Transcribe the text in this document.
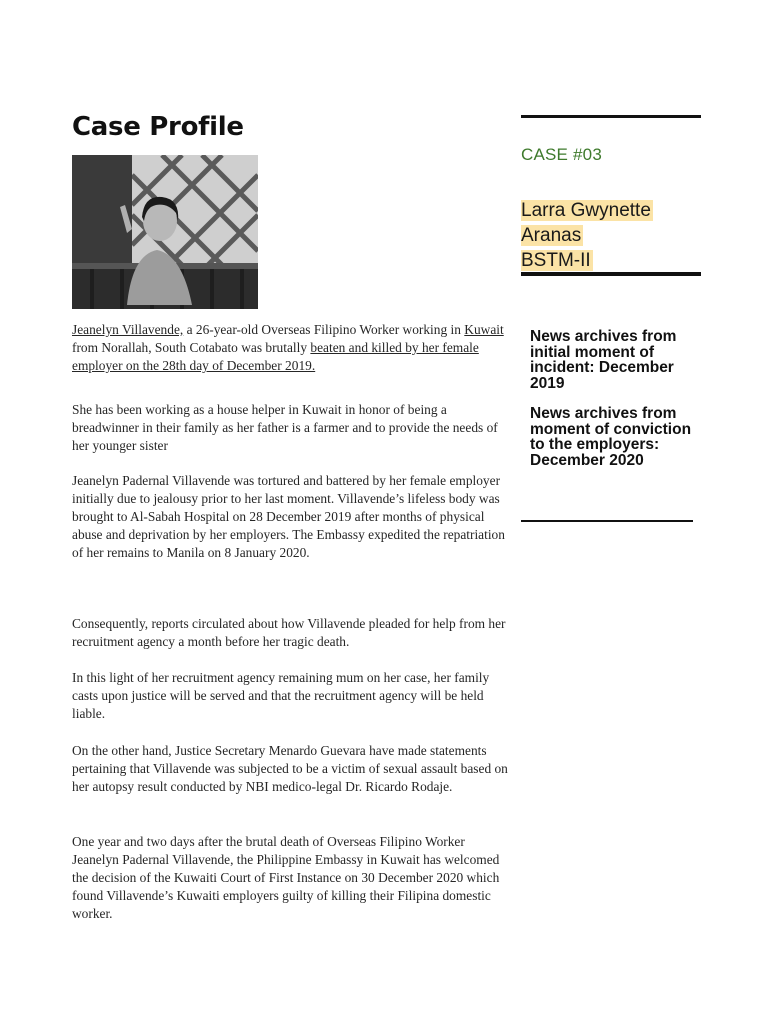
Case Profile

Jeanelyn Villavende, a 26-year-old Overseas Filipino Worker working in Kuwait from Norallah, South Cotabato was brutally beaten and killed by her female employer on the 28th day of December 2019.

She has been working as a house helper in Kuwait in honor of being a breadwinner in their family as her father is a farmer and to provide the needs of her younger sister

Jeanelyn Padernal Villavende was tortured and battered by her female employer initially due to jealousy prior to her last moment. Villavende’s lifeless body was brought to Al-Sabah Hospital on 28 December 2019 after months of physical abuse and deprivation by her employers. The Embassy expedited the repatriation of her remains to Manila on 8 January 2020.

Consequently, reports circulated about how Villavende pleaded for help from her recruitment agency a month before her tragic death.

In this light of her recruitment agency remaining mum on her case, her family casts upon justice will be served and that the recruitment agency will be held liable.

On the other hand, Justice Secretary Menardo Guevara have made statements pertaining that Villavende was subjected to be a victim of sexual assault based on her autopsy result conducted by NBI medico-legal Dr. Ricardo Rodaje.

One year and two days after the brutal death of Overseas Filipino Worker Jeanelyn Padernal Villavende, the Philippine Embassy in Kuwait has welcomed the decision of the Kuwaiti Court of First Instance on 30 December 2020 which found Villavende’s Kuwaiti employers guilty of killing their Filipina domestic worker.

CASE #03
Larra Gwynette
Aranas
BSTM-II

News archives from initial moment of incident: December 2019

News archives from moment of conviction to the employers: December 2020
